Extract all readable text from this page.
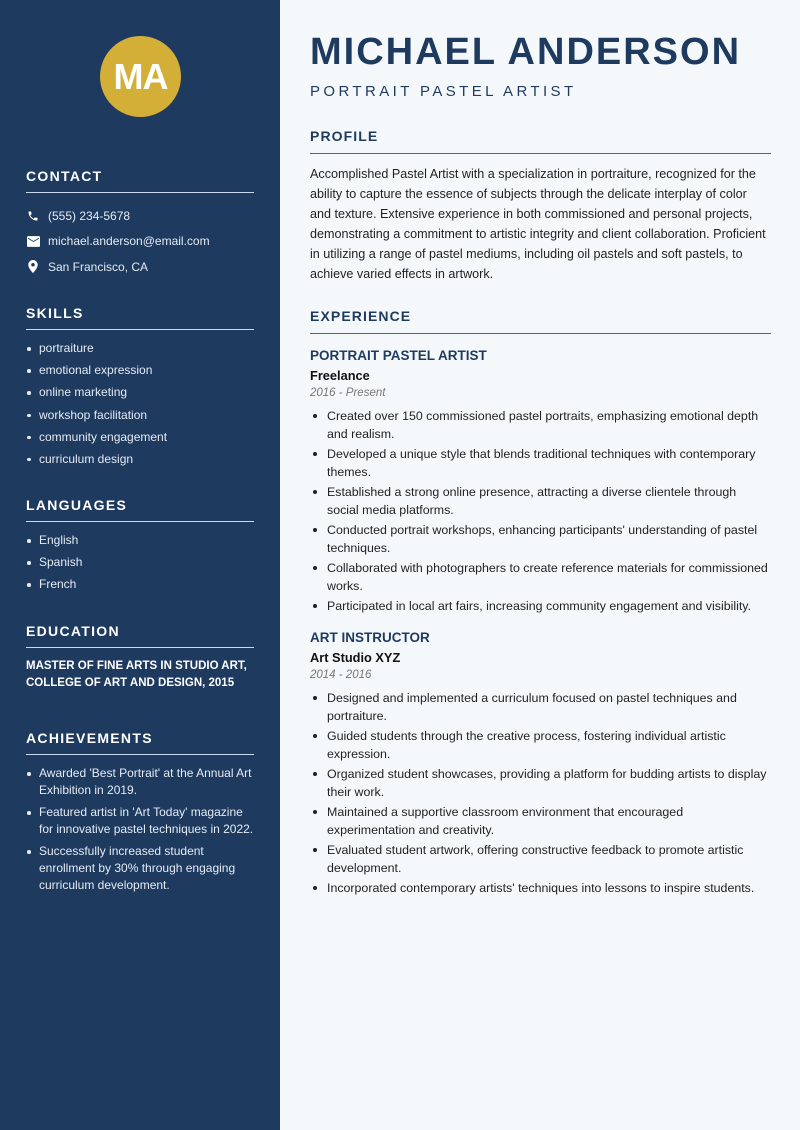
MA
CONTACT
(555) 234-5678
michael.anderson@email.com
San Francisco, CA
SKILLS
portraiture
emotional expression
online marketing
workshop facilitation
community engagement
curriculum design
LANGUAGES
English
Spanish
French
EDUCATION

MASTER OF FINE ARTS IN STUDIO ART, COLLEGE OF ART AND DESIGN, 2015

ACHIEVEMENTS
Awarded 'Best Portrait' at the Annual Art Exhibition in 2019.
Featured artist in 'Art Today' magazine for innovative pastel techniques in 2022.
Successfully increased student enrollment by 30% through engaging curriculum development.
MICHAEL ANDERSON
PORTRAIT PASTEL ARTIST
PROFILE

Accomplished Pastel Artist with a specialization in portraiture, recognized for the ability to capture the essence of subjects through the delicate interplay of color and texture. Extensive experience in both commissioned and personal projects, demonstrating a commitment to artistic integrity and client collaboration. Proficient in utilizing a range of pastel mediums, including oil pastels and soft pastels, to achieve varied effects in artwork.

EXPERIENCE
PORTRAIT PASTEL ARTIST
Freelance
2016 - Present
Created over 150 commissioned pastel portraits, emphasizing emotional depth and realism.
Developed a unique style that blends traditional techniques with contemporary themes.
Established a strong online presence, attracting a diverse clientele through social media platforms.
Conducted portrait workshops, enhancing participants' understanding of pastel techniques.
Collaborated with photographers to create reference materials for commissioned works.
Participated in local art fairs, increasing community engagement and visibility.
ART INSTRUCTOR
Art Studio XYZ
2014 - 2016
Designed and implemented a curriculum focused on pastel techniques and portraiture.
Guided students through the creative process, fostering individual artistic expression.
Organized student showcases, providing a platform for budding artists to display their work.
Maintained a supportive classroom environment that encouraged experimentation and creativity.
Evaluated student artwork, offering constructive feedback to promote artistic development.
Incorporated contemporary artists' techniques into lessons to inspire students.
